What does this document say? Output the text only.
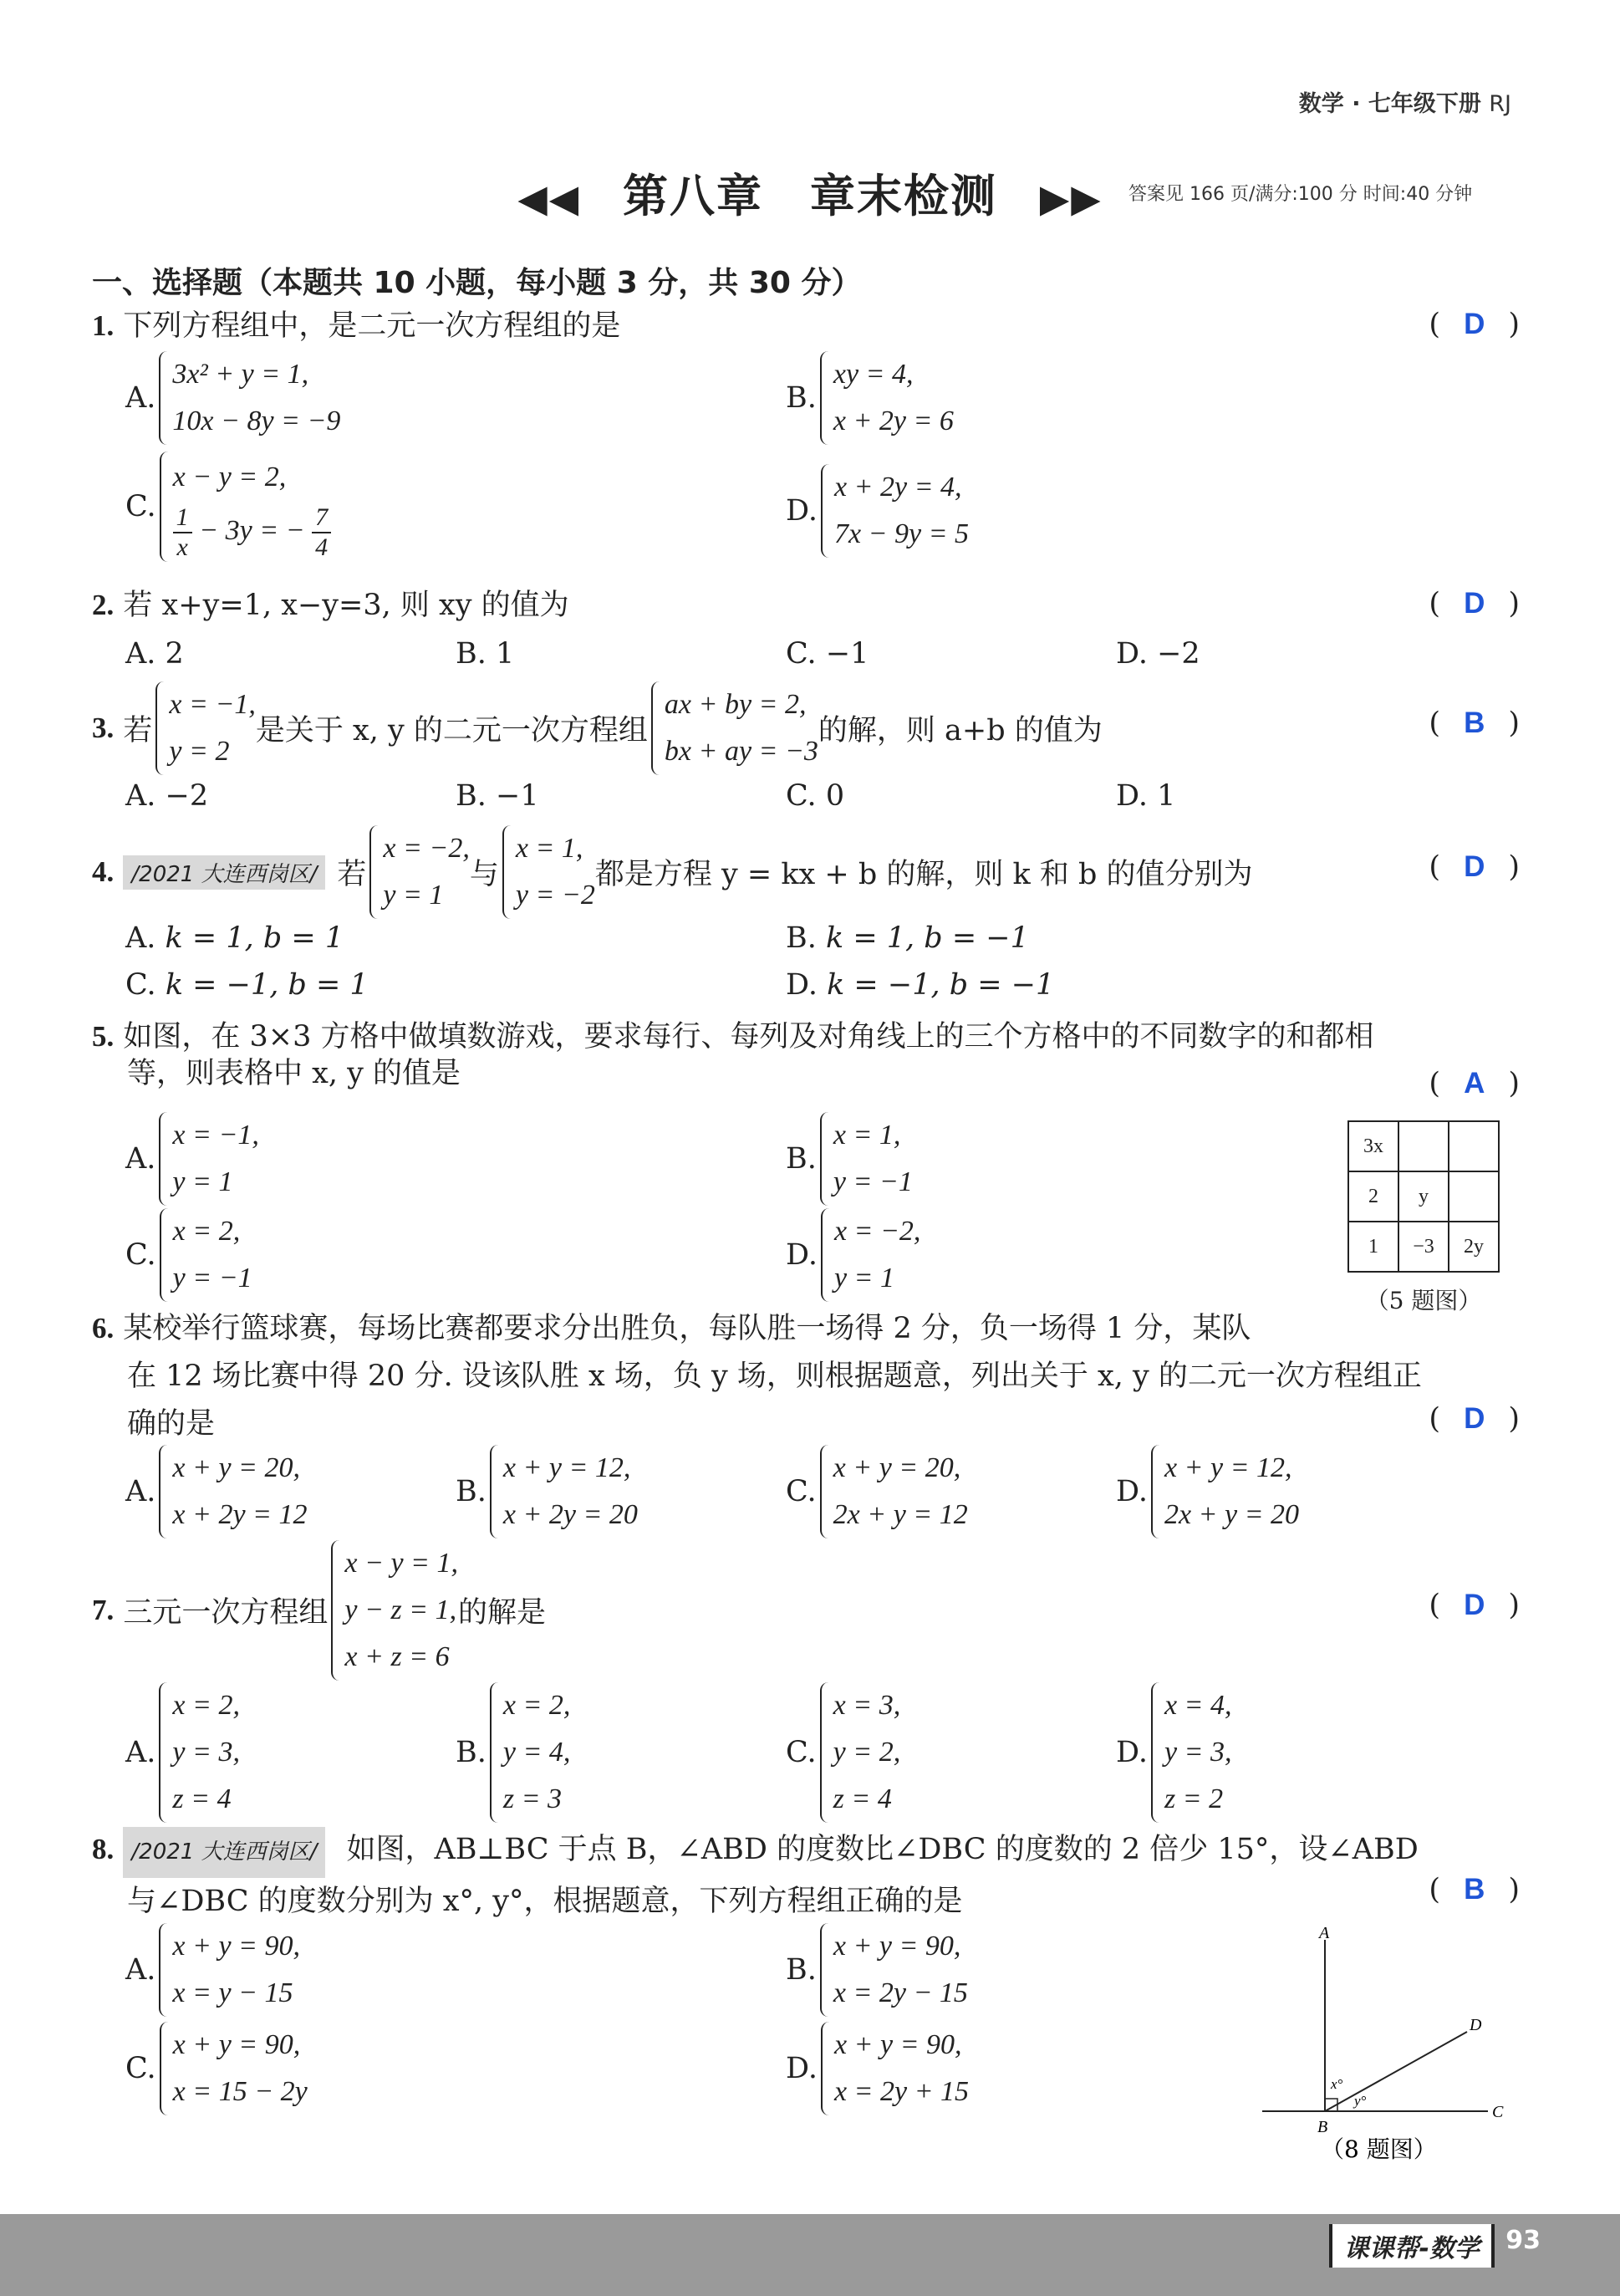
数学 · 七年级下册 RJ
◀◀ 第八章　章末检测 ▶▶	答案见 166 页/满分:100 分 时间:40 分钟
一、选择题（本题共 10 小题，每小题 3 分，共 30 分）
1. 下列方程组中，是二元一次方程组的是	( D )
A.
3x² + y = 1,
10x − 8y = −9
B.
xy = 4,
x + 2y = 6
C.
x − y = 2,
$\frac{1}{x} - 3y$ = − $\frac{7}{4}$	D.
x + 2y = 4,
7x − 9y = 5
2. 若 x+y=1, x−y=3, 则 xy 的值为	( D )
A.
2	B.
1	C.
−1	D.
−2
3.
若
x = −1,
y = 2
是关于 x, y 的二元一次方程组
ax + by = 2,
bx + ay = −3
的解，则 a+b 的值为	( B )
A.
−2	B.
−1	C.
0	D.
1
4.
/2021 大连西岗区/ 若
x = −2,
y = 1
与
x = 1,
y = −2
都是方程 y = kx + b 的解，则 k 和 b 的值分别为	( D )
A.
k = 1, b = 1	B.
k = 1, b = −1
C.
k = −1, b = 1	D.
k = −1, b = −1
5. 如图，在 3×3 方格中做填数游戏，要求每行、每列及对角线上的三个方格中的不同数字的和都相
等，则表格中 x, y 的值是	( A )
A.
x = −1,
y = 1
B.
x = 1,
y = −1
C.
x = 2,
y = −1
D.
x = −2,
y = 1
3x		
2	y	
1	−3	2y
（5 题图）
6. 某校举行篮球赛，每场比赛都要求分出胜负，每队胜一场得 2 分，负一场得 1 分，某队
在 12 场比赛中得 20 分. 设该队胜 x 场，负 y 场，则根据题意，列出关于 x, y 的二元一次方程组正
确的是	( D )
A.
x + y = 20,
x + 2y = 12
B.
x + y = 12,
x + 2y = 20
C.
x + y = 20,
2x + y = 12
D.
x + y = 12,
2x + y = 20
7.
三元一次方程组
x − y = 1,
y − z = 1,
x + z = 6
的解是	( D )
A.
x = 2,
y = 3,
z = 4
B.
x = 2,
y = 4,
z = 3
C.
x = 3,
y = 2,
z = 4
D.
x = 4,
y = 3,
z = 2
8. /2021 大连西岗区/ 如图，AB⊥BC 于点 B，∠ABD 的度数比∠DBC 的度数的 2 倍少 15°，设∠ABD
与∠DBC 的度数分别为 x°, y°，根据题意，下列方程组正确的是	( B )
A.
x + y = 90,
x = y − 15
B.
x + y = 90,
x = 2y − 15
C.
x + y = 90,
x = 15 − 2y
D.
x + y = 90,
x = 2y + 15
A
B
C
D
x°
y°
（8 题图）
课课帮-数学	93
